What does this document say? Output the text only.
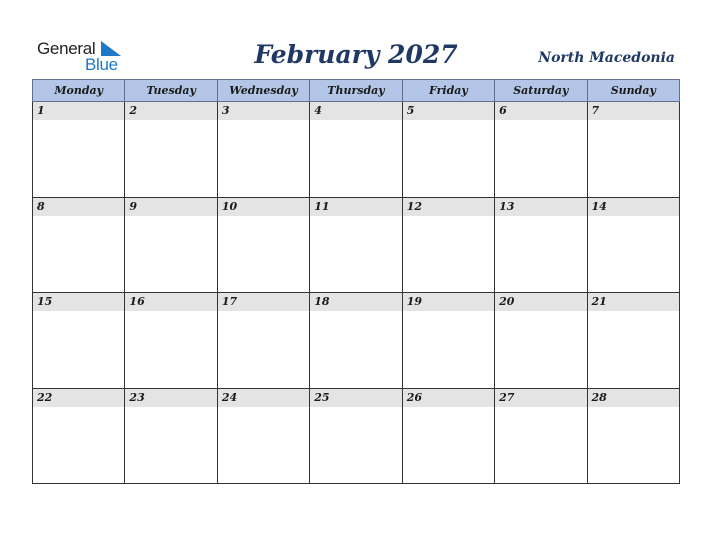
General
Blue	February 2027	North Macedonia
Monday	Tuesday	Wednesday	Thursday	Friday	Saturday	Sunday

1	2	3	4	5	6	7

8	9	10	11	12	13	14

15	16	17	18	19	20	21

22	23	24	25	26	27	28
